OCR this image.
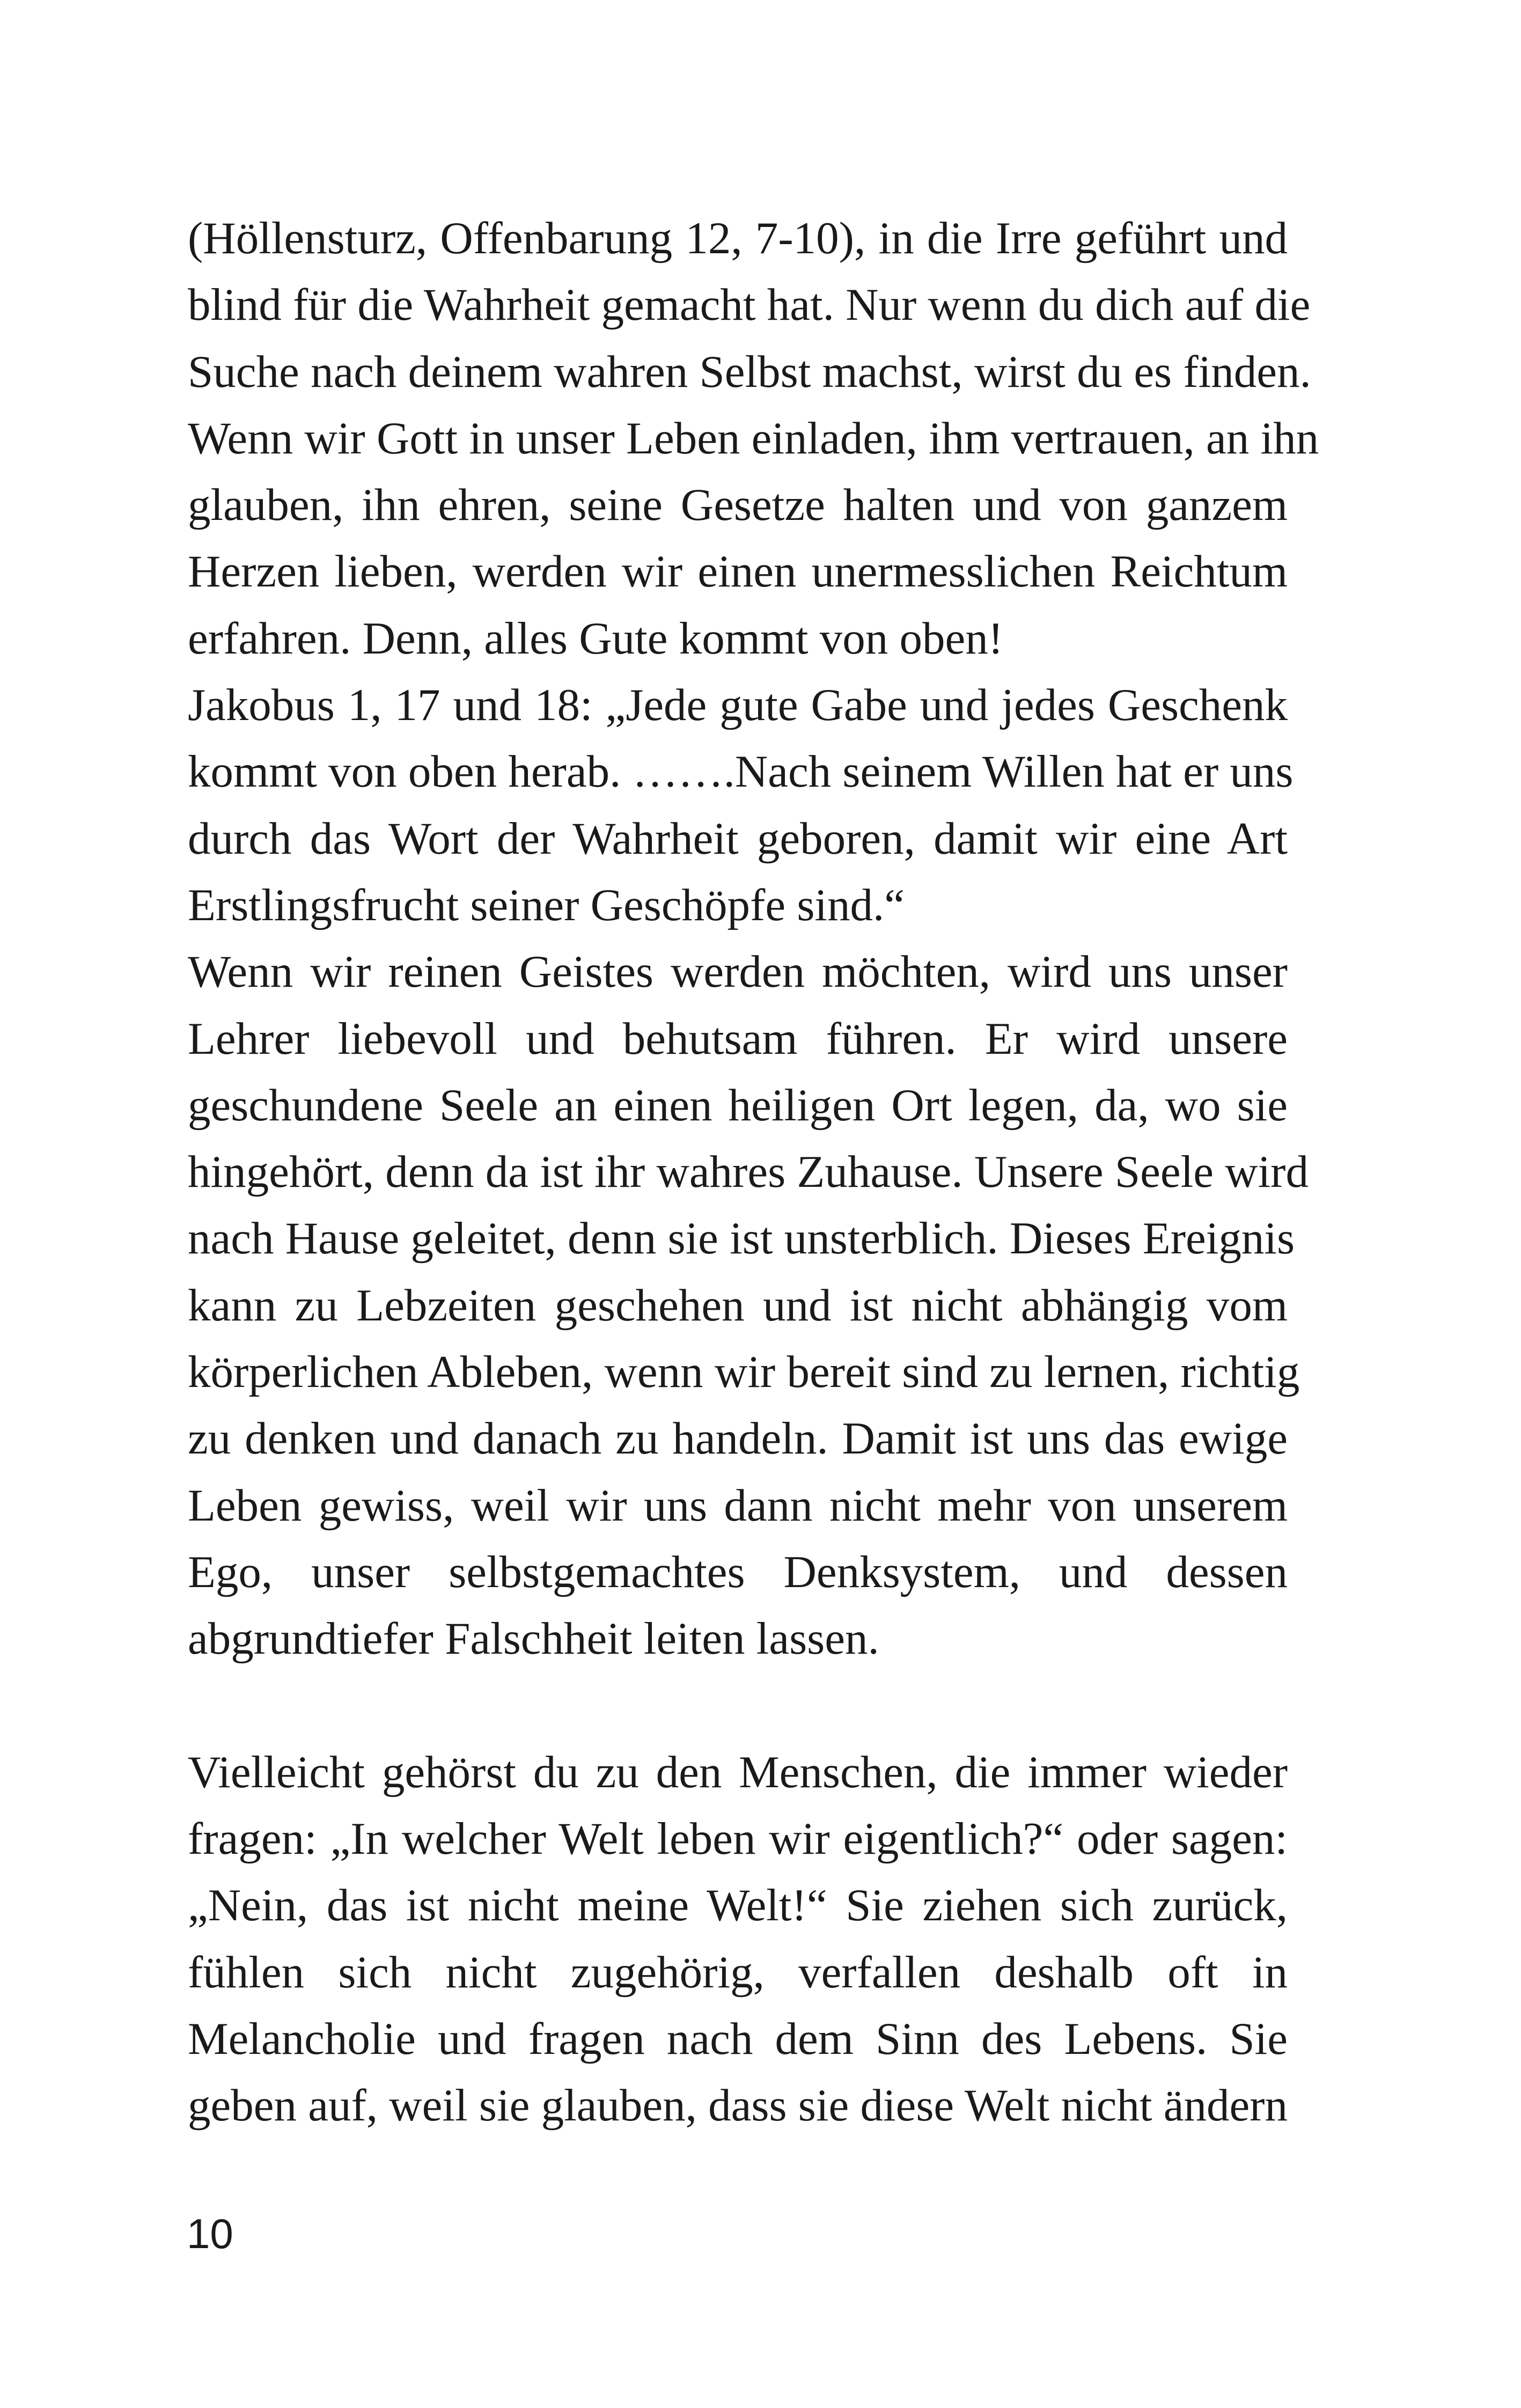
(Höllensturz, Offenbarung 12, 7-10), in die Irre geführt und
blind für die Wahrheit gemacht hat. Nur wenn du dich auf die
Suche nach deinem wahren Selbst machst, wirst du es finden.
Wenn wir Gott in unser Leben einladen, ihm vertrauen, an ihn
glauben, ihn ehren, seine Gesetze halten und von ganzem
Herzen lieben, werden wir einen unermesslichen Reichtum
erfahren. Denn, alles Gute kommt von oben!
Jakobus 1, 17 und 18: „Jede gute Gabe und jedes Geschenk
kommt von oben herab. …….Nach seinem Willen hat er uns
durch das Wort der Wahrheit geboren, damit wir eine Art
Erstlingsfrucht seiner Geschöpfe sind.“
Wenn wir reinen Geistes werden möchten, wird uns unser
Lehrer liebevoll und behutsam führen. Er wird unsere
geschundene Seele an einen heiligen Ort legen, da, wo sie
hingehört, denn da ist ihr wahres Zuhause. Unsere Seele wird
nach Hause geleitet, denn sie ist unsterblich. Dieses Ereignis
kann zu Lebzeiten geschehen und ist nicht abhängig vom
körperlichen Ableben, wenn wir bereit sind zu lernen, richtig
zu denken und danach zu handeln. Damit ist uns das ewige
Leben gewiss, weil wir uns dann nicht mehr von unserem
Ego, unser selbstgemachtes Denksystem, und dessen
abgrundtiefer Falschheit leiten lassen.
Vielleicht gehörst du zu den Menschen, die immer wieder
fragen: „In welcher Welt leben wir eigentlich?“ oder sagen:
„Nein, das ist nicht meine Welt!“ Sie ziehen sich zurück,
fühlen sich nicht zugehörig, verfallen deshalb oft in
Melancholie und fragen nach dem Sinn des Lebens. Sie
geben auf, weil sie glauben, dass sie diese Welt nicht ändern
10
